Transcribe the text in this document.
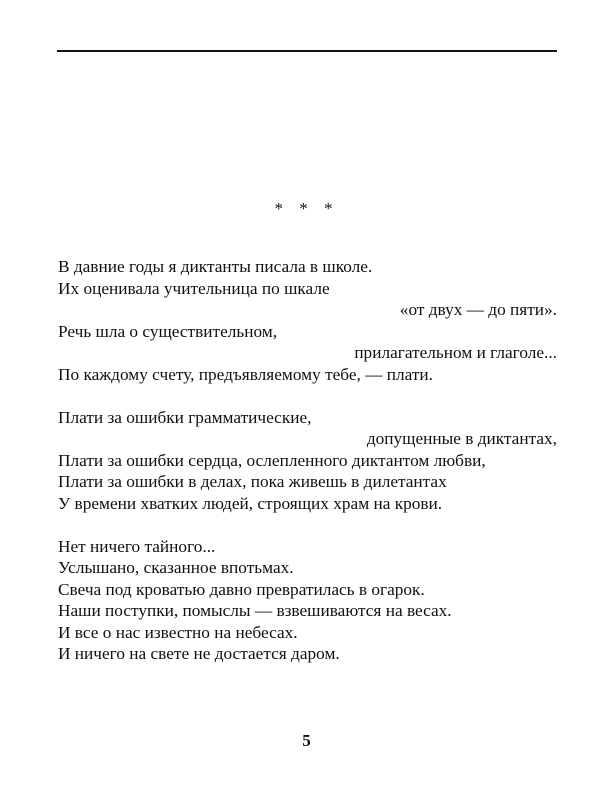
* * *
В давние годы я диктанты писала в школе.
Их оценивала учительница по шкале
«от двух — до пяти».
Речь шла о существительном,
прилагательном и глаголе...
По каждому счету, предъявляемому тебе, — плати.
Плати за ошибки грамматические,
допущенные в диктантах,
Плати за ошибки сердца, ослепленного диктантом любви,
Плати за ошибки в делах, пока живешь в дилетантах
У времени хватких людей, строящих храм на крови.
Нет ничего тайного...
Услышано, сказанное впотьмах.
Свеча под кроватью давно превратилась в огарок.
Наши поступки, помыслы — взвешиваются на весах.
И все о нас известно на небесах.
И ничего на свете не достается даром.
5
